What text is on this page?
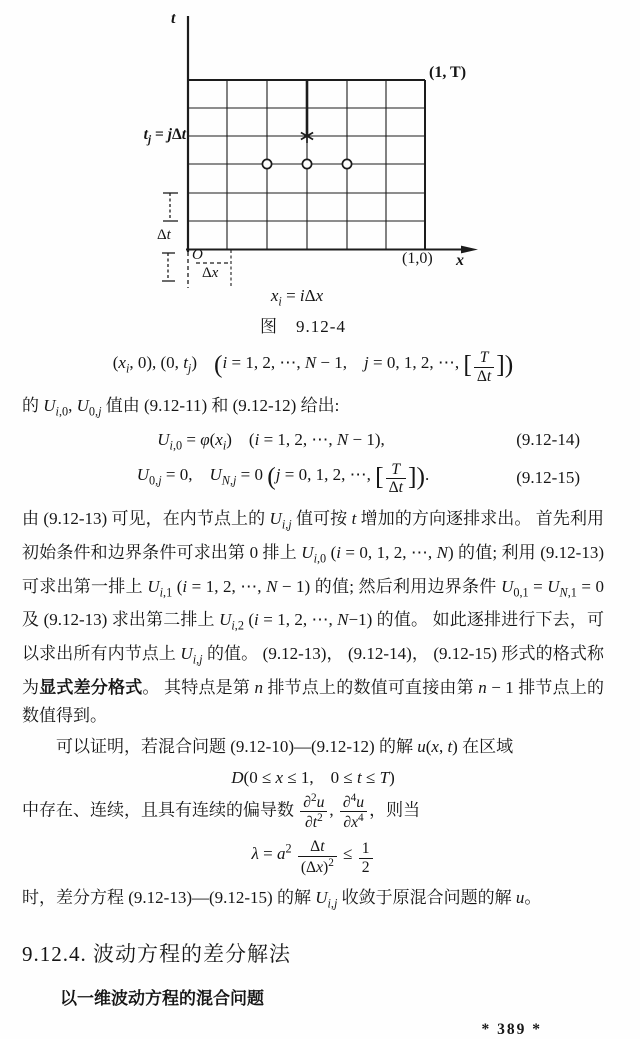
t
(1, T)
$t_j = j\Delta t$
Δt
O
Δx
(1,0) x
$x_i = i\Delta x$
图　9.12-4
($x_i$, 0), (0, $t_j$)　(i = 1, 2, ⋯, N − 1,　j = 0, 1, 2, ⋯, [ $\frac{T}{\Delta t}$ ])
的 $U_{i,0}$, $U_{0,j}$ 值由 (9.12-11) 和 (9.12-12) 给出:
$U_{i,0} = \varphi(x_i)$　(i = 1, 2, ⋯, N − 1),	(9.12-14)
$U_{0,j} = 0$,　$U_{N,j} = 0$ (j = 0, 1, 2, ⋯, [ $\frac{T}{\Delta t}$ ]).	(9.12-15)
由 (9.12-13) 可见，在内节点上的 $U_{i,j}$ 值可按 t 增加的方向逐排求出。 首先利用初始条件和边界条件可求出第 0 排上 $U_{i,0}$ (i = 0, 1, 2, ⋯, N) 的值; 利用 (9.12-13) 可求出第一排上 $U_{i,1}$ (i = 1, 2, ⋯, N − 1) 的值; 然后利用边界条件 $U_{0,1} = U_{N,1} = 0$ 及 (9.12-13) 求出第二排上 $U_{i,2}$ (i = 1, 2, ⋯, N−1) 的值。 如此逐排进行下去，可以求出所有内节点上 $U_{i,j}$ 的值。 (9.12-13)， (9.12-14)， (9.12-15) 形式的格式称为显式差分格式。 其特点是第 n 排节点上的数值可直接由第 n − 1 排节点上的数值得到。
可以证明，若混合问题 (9.12-10)—(9.12-12) 的解 u(x, t) 在区域
D(0 ≤ x ≤ 1,　0 ≤ t ≤ T)
中存在、连续，且具有连续的偏导数 $\frac{\partial^2u}{\partial t^2}$ , $\frac{\partial^4u}{\partial x^4}$ ，则当
$\lambda = a^2 \frac{\Delta t}{(\Delta x)^2} \le \frac{1}{2}$
时，差分方程 (9.12-13)—(9.12-15) 的解 $U_{i,j}$ 收敛于原混合问题的解 u。
9.12.4. 波动方程的差分解法
以一维波动方程的混合问题
* 389 *
